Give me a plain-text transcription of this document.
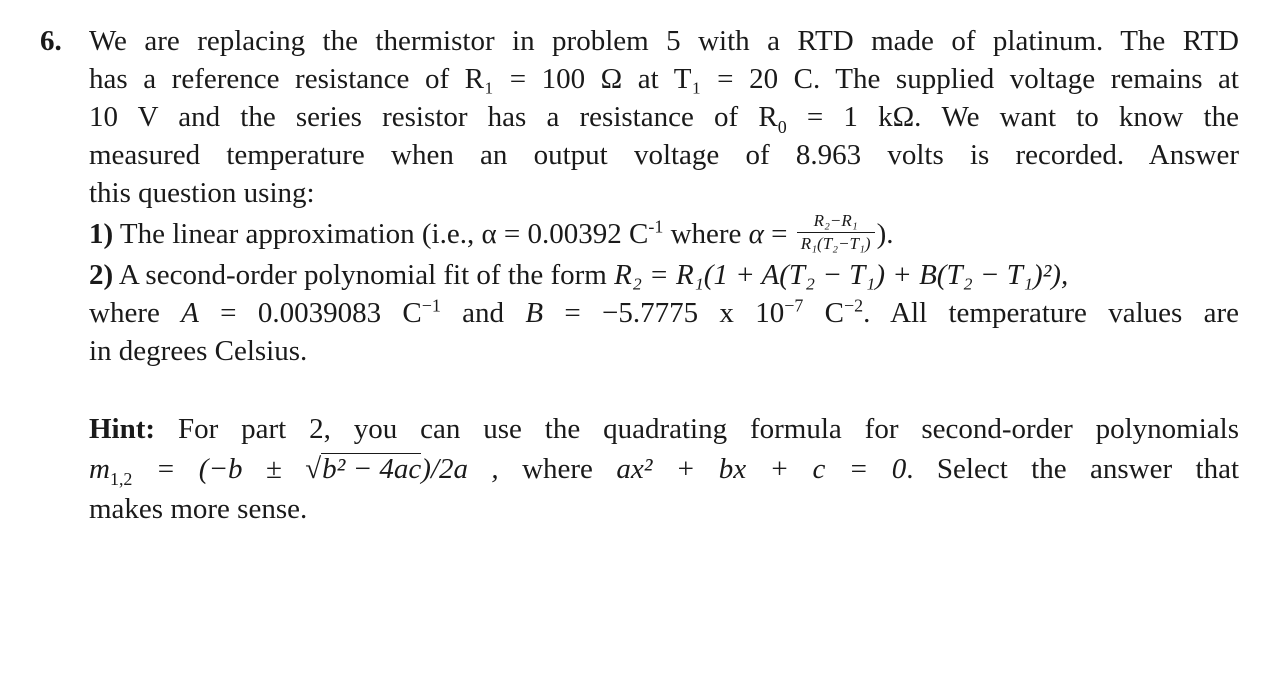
6. We are replacing the thermistor in problem 5 with a RTD made of platinum. The RTD
has a reference resistance of R₁ = 100 Ω at T₁ = 20 C. The supplied voltage remains at
10 V and the series resistor has a resistance of $R_0 = 1$ kΩ. We want to know the
measured temperature when an output voltage of 8.963 volts is recorded. Answer
this question using:
1) The linear approximation (i.e., α = 0.00392 $C^{-1}$ where $\alpha = \frac{\text{R₂−R₁}}{\text{R₁(T₂−T₁)}}$ ).
2) A second-order polynomial fit of the form R₂ = R₁(1 + A(T₂ − T₁) + B(T₂ − T₁)²),
where A = 0.0039083 $C^{-1}$ and B = −5.7775 x $10^{-7}$ $C^{-2}$. All temperature values are
in degrees Celsius.
Hint: For part 2, you can use the quadrating formula for second-order polynomials
$m_{1,2} = (-b \pm √b^2 - 4ac)/2a$ , where ax² + bx + c = 0. Select the answer that
makes more sense.
